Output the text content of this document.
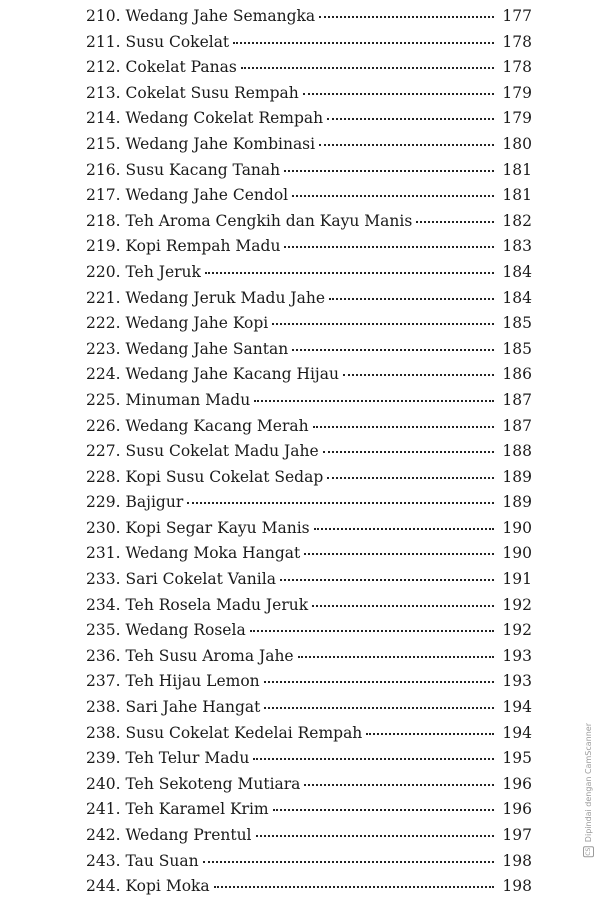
210. Wedang Jahe Semangka	177
211. Susu Cokelat	178
212. Cokelat Panas	178
213. Cokelat Susu Rempah	179
214. Wedang Cokelat Rempah	179
215. Wedang Jahe Kombinasi	180
216. Susu Kacang Tanah	181
217. Wedang Jahe Cendol	181
218. Teh Aroma Cengkih dan Kayu Manis	182
219. Kopi Rempah Madu	183
220. Teh Jeruk	184
221. Wedang Jeruk Madu Jahe	184
222. Wedang Jahe Kopi	185
223. Wedang Jahe Santan	185
224. Wedang Jahe Kacang Hijau	186
225. Minuman Madu	187
226. Wedang Kacang Merah	187
227. Susu Cokelat Madu Jahe	188
228. Kopi Susu Cokelat Sedap	189
229. Bajigur	189
230. Kopi Segar Kayu Manis	190
231. Wedang Moka Hangat	190
233. Sari Cokelat Vanila	191
234. Teh Rosela Madu Jeruk	192
235. Wedang Rosela	192
236. Teh Susu Aroma Jahe	193
237. Teh Hijau Lemon	193
238. Sari Jahe Hangat	194
238. Susu Cokelat Kedelai Rempah	194
239. Teh Telur Madu	195
240. Teh Sekoteng Mutiara	196
241. Teh Karamel Krim	196
242. Wedang Prentul	197
243. Tau Suan	198
244. Kopi Moka	198
CS
Dipindai dengan CamScanner
